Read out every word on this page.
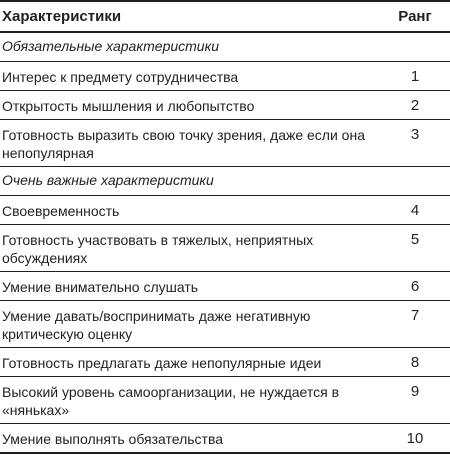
Характеристики	Ранг
Обязательные характеристики	
Интерес к предмету сотрудничества	1
Открытость мышления и любопытство	2
Готовность выразить свою точку зрения, даже если она непопулярная	3
Очень важные характеристики	
Своевременность	4
Готовность участвовать в тяжелых, неприятных обсуждениях	5
Умение внимательно слушать	6
Умение давать/воспринимать даже негативную критическую оценку	7
Готовность предлагать даже непопулярные идеи	8
Высокий уровень самоорганизации, не нуждается в «няньках»	9
Умение выполнять обязательства	10
